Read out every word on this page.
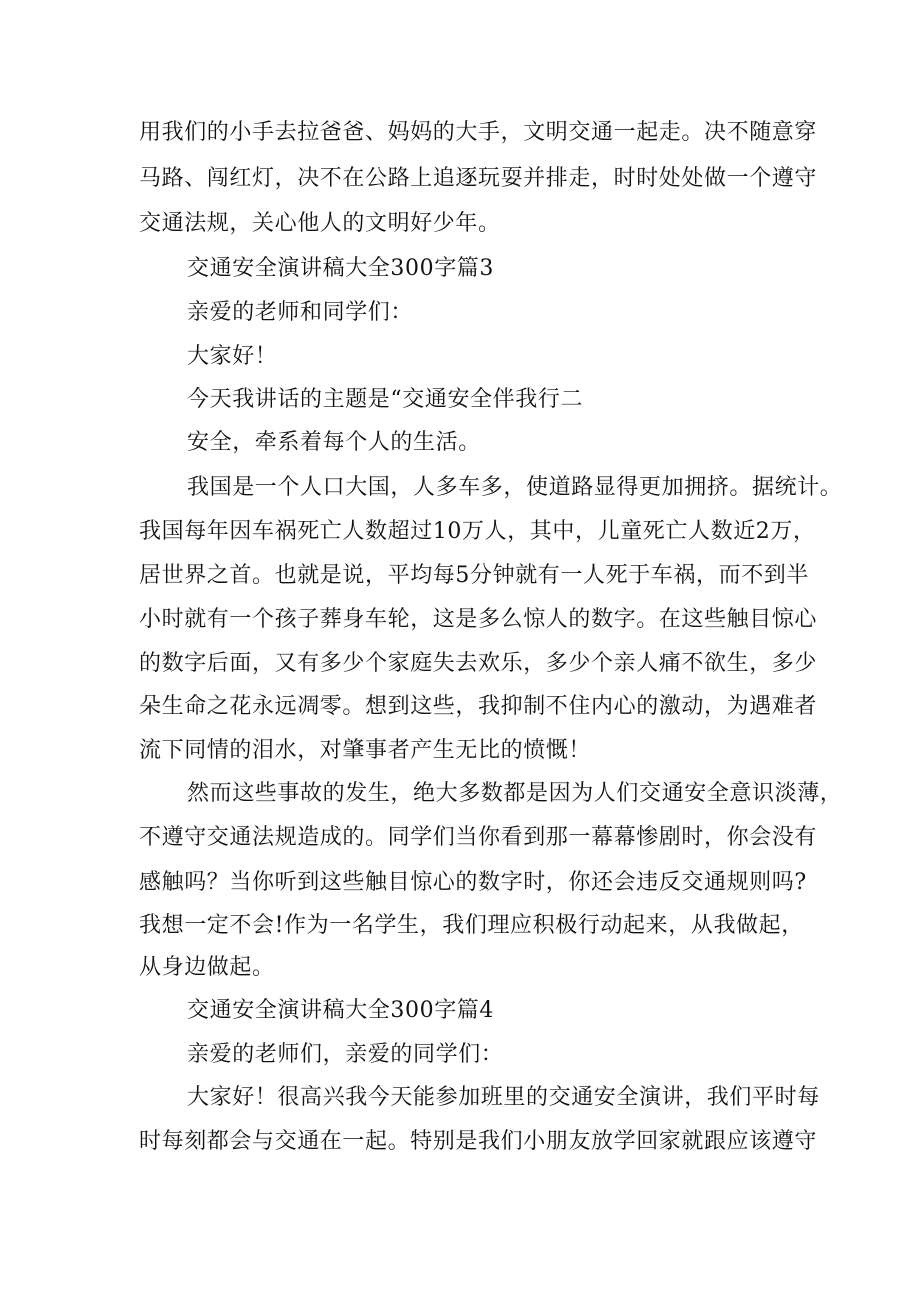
用我们的小手去拉爸爸、妈妈的大手，文明交通一起走。决不随意穿
马路、闯红灯，决不在公路上追逐玩耍并排走，时时处处做一个遵守
交通法规，关心他人的文明好少年。
交通安全演讲稿大全300字篇3
亲爱的老师和同学们：
大家好！
今天我讲话的主题是“交通安全伴我行二
安全，牵系着每个人的生活。
我国是一个人口大国，人多车多，使道路显得更加拥挤。据统计。
我国每年因车祸死亡人数超过10万人，其中，儿童死亡人数近2万，
居世界之首。也就是说，平均每5分钟就有一人死于车祸，而不到半
小时就有一个孩子葬身车轮，这是多么惊人的数字。在这些触目惊心
的数字后面，又有多少个家庭失去欢乐，多少个亲人痛不欲生，多少
朵生命之花永远凋零。想到这些，我抑制不住内心的激动，为遇难者
流下同情的泪水，对肇事者产生无比的愤慨！
然而这些事故的发生，绝大多数都是因为人们交通安全意识淡薄，
不遵守交通法规造成的。同学们当你看到那一幕幕惨剧时，你会没有
感触吗？当你听到这些触目惊心的数字时，你还会违反交通规则吗?
我想一定不会!作为一名学生，我们理应积极行动起来，从我做起，
从身边做起。
交通安全演讲稿大全300字篇4
亲爱的老师们，亲爱的同学们：
大家好！很高兴我今天能参加班里的交通安全演讲，我们平时每
时每刻都会与交通在一起。特别是我们小朋友放学回家就跟应该遵守
